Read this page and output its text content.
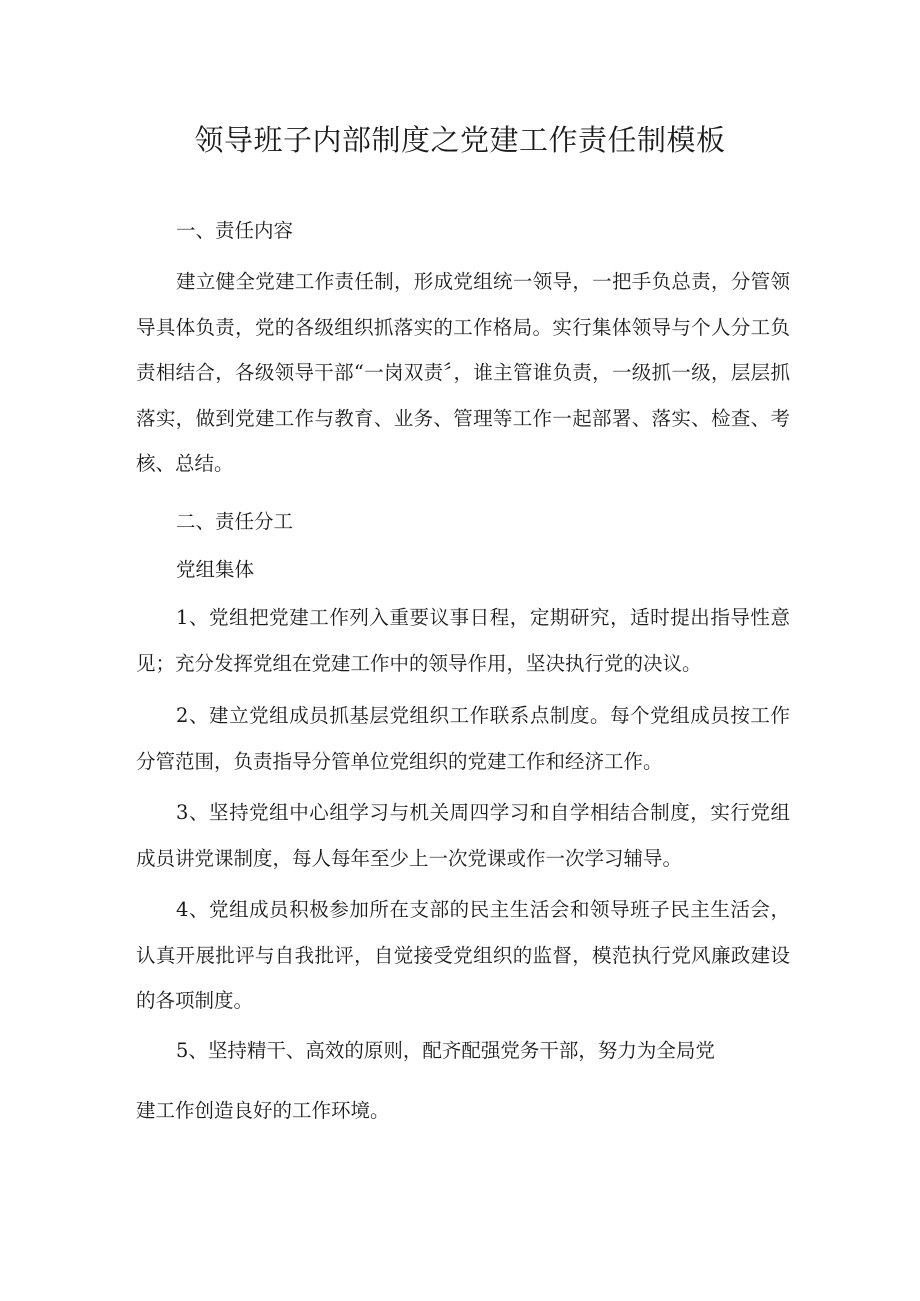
领导班子内部制度之党建工作责任制模板

一、责任内容

建立健全党建工作责任制，形成党组统一领导，一把手负总责，分管领导具体负责，党的各级组织抓落实的工作格局。实行集体领导与个人分工负责相结合，各级领导干部“一岗双责〞，谁主管谁负责，一级抓一级，层层抓落实，做到党建工作与教育、业务、管理等工作一起部署、落实、检查、考核、总结。

二、责任分工

党组集体

1、党组把党建工作列入重要议事日程，定期研究，适时提出指导性意见；充分发挥党组在党建工作中的领导作用，坚决执行党的决议。

2、建立党组成员抓基层党组织工作联系点制度。每个党组成员按工作分管范围，负责指导分管单位党组织的党建工作和经济工作。

3、坚持党组中心组学习与机关周四学习和自学相结合制度，实行党组成员讲党课制度，每人每年至少上一次党课或作一次学习辅导。

4、党组成员积极参加所在支部的民主生活会和领导班子民主生活会，认真开展批评与自我批评，自觉接受党组织的监督，模范执行党风廉政建设的各项制度。

5、坚持精干、高效的原则，配齐配强党务干部，努力为全局党

建工作创造良好的工作环境。
